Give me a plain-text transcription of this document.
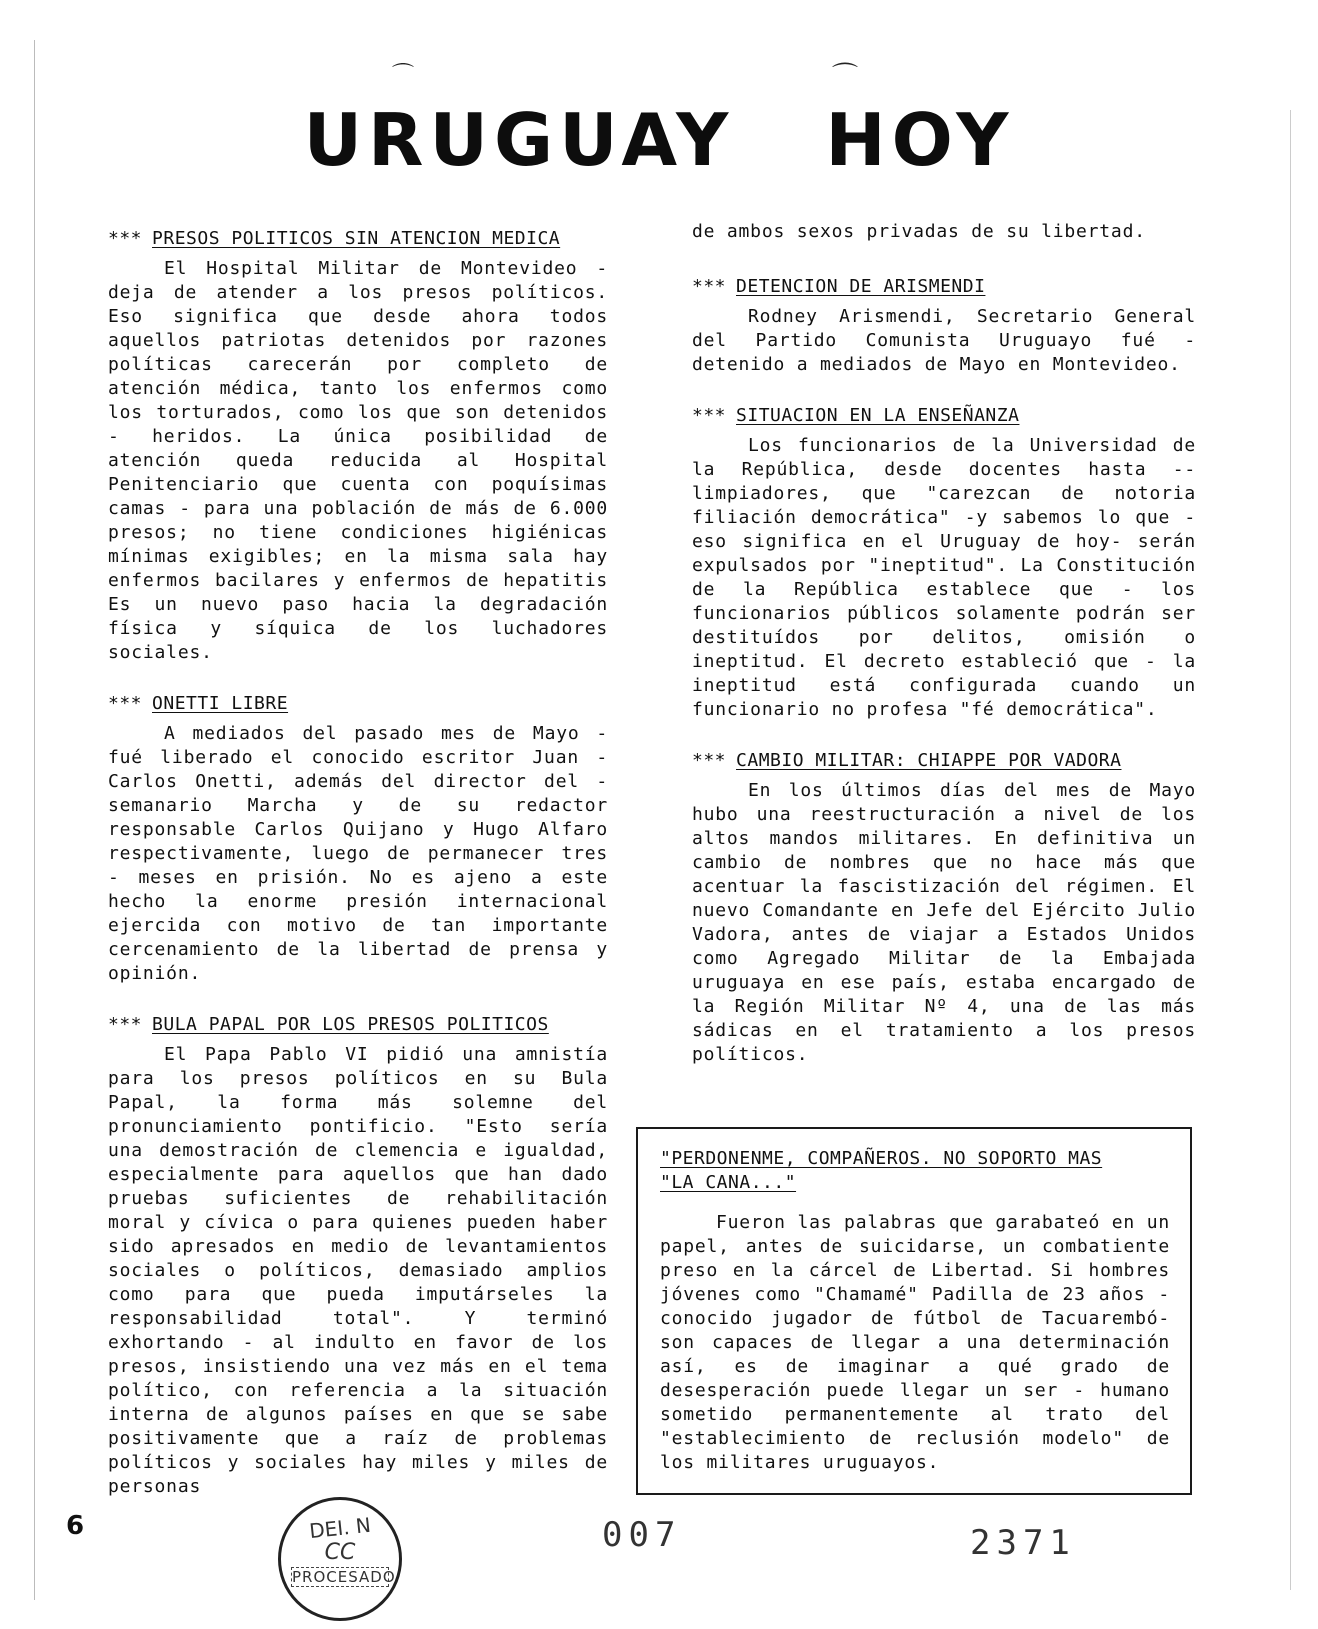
⌒	⌒
URUGUAY HOY

*** PRESOS POLITICOS SIN ATENCION MEDICA

El Hospital Militar de Montevideo - deja de atender a los presos políticos. Eso significa que desde ahora todos aquellos patriotas detenidos por razones políticas carecerán por completo de atención médica, tanto los enfermos como los torturados, como los que son detenidos - heridos. La única posibilidad de atención queda reducida al Hospital Penitenciario que cuenta con poquísimas camas - para una población de más de 6.000 presos; no tiene condiciones higiénicas mínimas exigibles; en la misma sala hay enfermos bacilares y enfermos de hepatitis Es un nuevo paso hacia la degradación física y síquica de los luchadores sociales.

*** ONETTI LIBRE

A mediados del pasado mes de Mayo - fué liberado el conocido escritor Juan - Carlos Onetti, además del director del - semanario Marcha y de su redactor responsable Carlos Quijano y Hugo Alfaro respectivamente, luego de permanecer tres - meses en prisión. No es ajeno a este hecho la enorme presión internacional ejercida con motivo de tan importante cercenamiento de la libertad de prensa y opinión.

*** BULA PAPAL POR LOS PRESOS POLITICOS

El Papa Pablo VI pidió una amnistía para los presos políticos en su Bula Papal, la forma más solemne del pronunciamiento pontificio. "Esto sería una demostración de clemencia e igualdad, especialmente para aquellos que han dado pruebas suficientes de rehabilitación moral y cívica o para quienes pueden haber sido apresados en medio de levantamientos sociales o políticos, demasiado amplios como para que pueda imputárseles la responsabilidad total". Y terminó exhortando - al indulto en favor de los presos, insistiendo una vez más en el tema político, con referencia a la situación interna de algunos países en que se sabe positivamente que a raíz de problemas políticos y sociales hay miles y miles de personas

de ambos sexos privadas de su libertad.

*** DETENCION DE ARISMENDI

Rodney Arismendi, Secretario General del Partido Comunista Uruguayo fué - detenido a mediados de Mayo en Montevideo.

*** SITUACION EN LA ENSEÑANZA

Los funcionarios de la Universidad de la República, desde docentes hasta -- limpiadores, que "carezcan de notoria filiación democrática" -y sabemos lo que - eso significa en el Uruguay de hoy- serán expulsados por "ineptitud". La Constitución de la República establece que - los funcionarios públicos solamente podrán ser destituídos por delitos, omisión o ineptitud. El decreto estableció que - la ineptitud está configurada cuando un funcionario no profesa "fé democrática".

*** CAMBIO MILITAR: CHIAPPE POR VADORA

En los últimos días del mes de Mayo hubo una reestructuración a nivel de los altos mandos militares. En definitiva un cambio de nombres que no hace más que acentuar la fascistización del régimen. El nuevo Comandante en Jefe del Ejército Julio Vadora, antes de viajar a Estados Unidos como Agregado Militar de la Embajada uruguaya en ese país, estaba encargado de la Región Militar Nº 4, una de las más sádicas en el tratamiento a los presos políticos.

"PERDONENME, COMPAÑEROS. NO SOPORTO MAS
"LA CANA..."

Fueron las palabras que garabateó en un papel, antes de suicidarse, un combatiente preso en la cárcel de Libertad. Si hombres jóvenes como "Chamamé" Padilla de 23 años -conocido jugador de fútbol de Tacuarembó- son capaces de llegar a una determinación así, es de imaginar a qué grado de desesperación puede llegar un ser - humano sometido permanentemente al trato del "establecimiento de reclusión modelo" de los militares uruguayos.

6	DEI. N
CC
PROCESADO
007	2371
